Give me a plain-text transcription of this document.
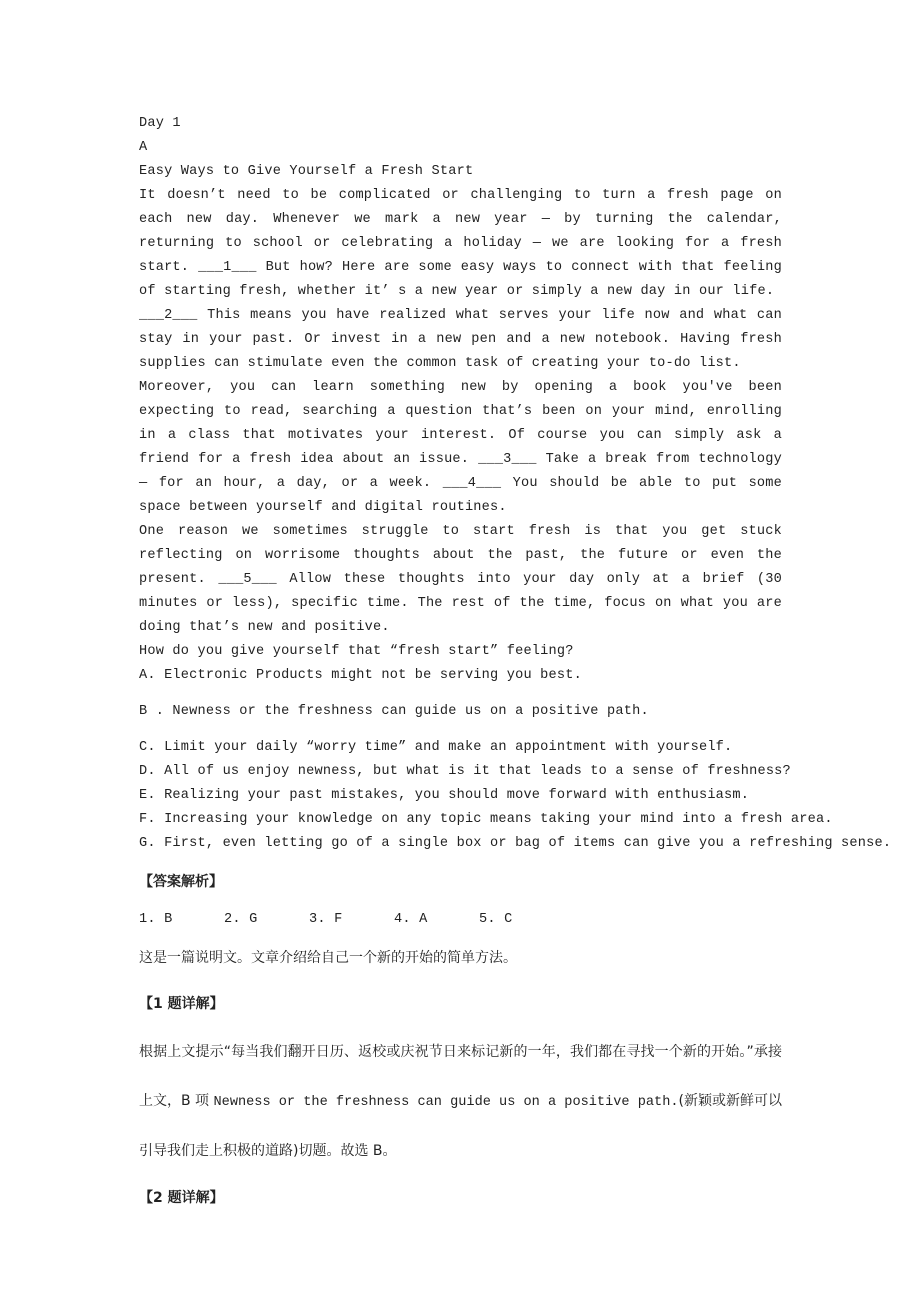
Day 1
A
Easy Ways to Give Yourself a Fresh Start
It doesn’t need to be complicated or challenging to turn a fresh page on each new day. Whenever we mark a new year — by turning the calendar, returning to school or celebrating a holiday — we are looking for a fresh start. ___1___ But how? Here are some easy ways to connect with that feeling of starting fresh, whether it’ s a new year or simply a new day in our life.
___2___ This means you have realized what serves your life now and what can stay in your past. Or invest in a new pen and a new notebook. Having fresh supplies can stimulate even the common task of creating your to-do list.
Moreover, you can learn something new by opening a book you've been expecting to read, searching a question that’s been on your mind, enrolling in a class that motivates your interest. Of course you can simply ask a friend for a fresh idea about an issue. ___3___ Take a break from technology — for an hour, a day, or a week. ___4___ You should be able to put some space between yourself and digital routines.
One reason we sometimes struggle to start fresh is that you get stuck reflecting on worrisome thoughts about the past, the future or even the present. ___5___ Allow these thoughts into your day only at a brief (30 minutes or less), specific time. The rest of the time, focus on what you are doing that’s new and positive.
How do you give yourself that “fresh start” feeling?
A. Electronic Products might not be serving you best.
B . Newness or the freshness can guide us on a positive path.
C. Limit your daily “worry time” and make an appointment with yourself.
D. All of us enjoy newness, but what is it that leads to a sense of freshness?
E. Realizing your past mistakes, you should move forward with enthusiasm.
F. Increasing your knowledge on any topic means taking your mind into a fresh area.
G. First, even letting go of a single box or bag of items can give you a refreshing sense.
【答案解析】
1. B	2. G	3. F	4. A	5. C
这是一篇说明文。文章介绍给自己一个新的开始的简单方法。
【1 题详解】
根据上文提示“每当我们翻开日历、返校或庆祝节日来标记新的一年，我们都在寻找一个新的开始。”承接上文，B 项 Newness or the freshness can guide us on a positive path.(新颖或新鲜可以引导我们走上积极的道路)切题。故选 B。
【2 题详解】
